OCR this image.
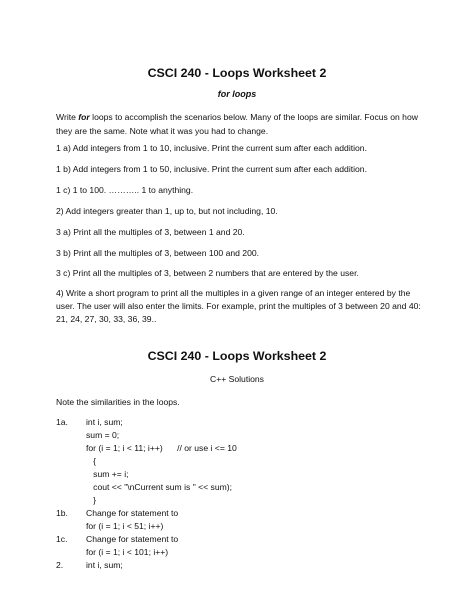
CSCI 240 - Loops Worksheet 2
for loops
Write for loops to accomplish the scenarios below. Many of the loops are similar. Focus on how they are the same. Note what it was you had to change.
1 a) Add integers from 1 to 10, inclusive. Print the current sum after each addition.
1 b) Add integers from 1 to 50, inclusive. Print the current sum after each addition.
1 c) 1 to 100. ……….. 1 to anything.
2) Add integers greater than 1, up to, but not including, 10.
3 a) Print all the multiples of 3, between 1 and 20.
3 b) Print all the multiples of 3, between 100 and 200.
3 c) Print all the multiples of 3, between 2 numbers that are entered by the user.
4) Write a short program to print all the multiples in a given range of an integer entered by the user. The user will also enter the limits. For example, print the multiples of 3 between 20 and 40: 21, 24, 27, 30, 33, 36, 39..
CSCI 240 - Loops Worksheet 2
C++ Solutions
Note the similarities in the loops.
1a. int i, sum;
sum = 0;
for (i = 1; i < 11; i++)      // or use i <= 10
{
sum += i;
cout << "\nCurrent sum is " << sum);
}
1b. Change for statement to
for (i = 1; i < 51; i++)
1c. Change for statement to
for (i = 1; i < 101; i++)
2.	int i, sum;
